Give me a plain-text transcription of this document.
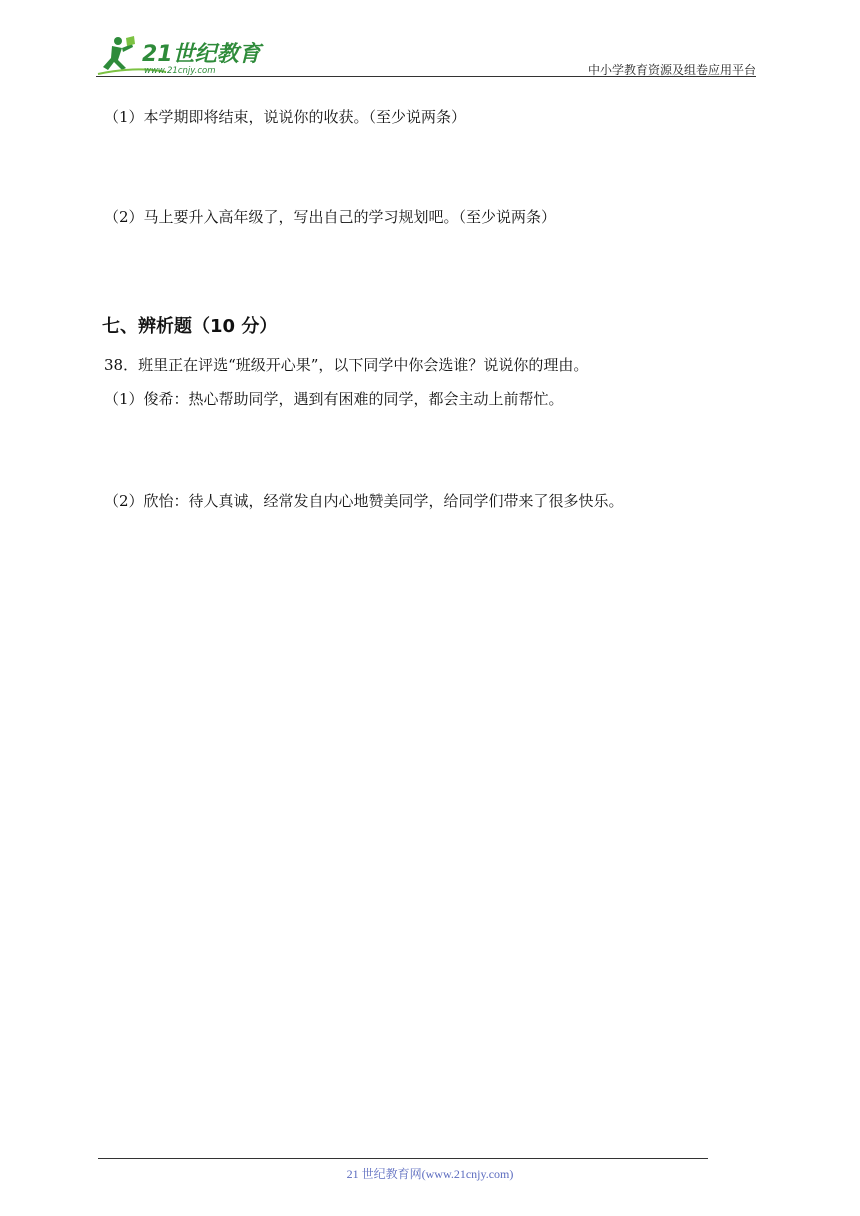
21世纪教育
www.21cnjy.com	中小学教育资源及组卷应用平台
（1）本学期即将结束，说说你的收获。（至少说两条）
（2）马上要升入高年级了，写出自己的学习规划吧。（至少说两条）
七、辨析题（10 分）
38．班里正在评选“班级开心果”，以下同学中你会选谁？说说你的理由。
（1）俊希：热心帮助同学，遇到有困难的同学，都会主动上前帮忙。
（2）欣怡：待人真诚，经常发自内心地赞美同学，给同学们带来了很多快乐。
21 世纪教育网(www.21cnjy.com)
